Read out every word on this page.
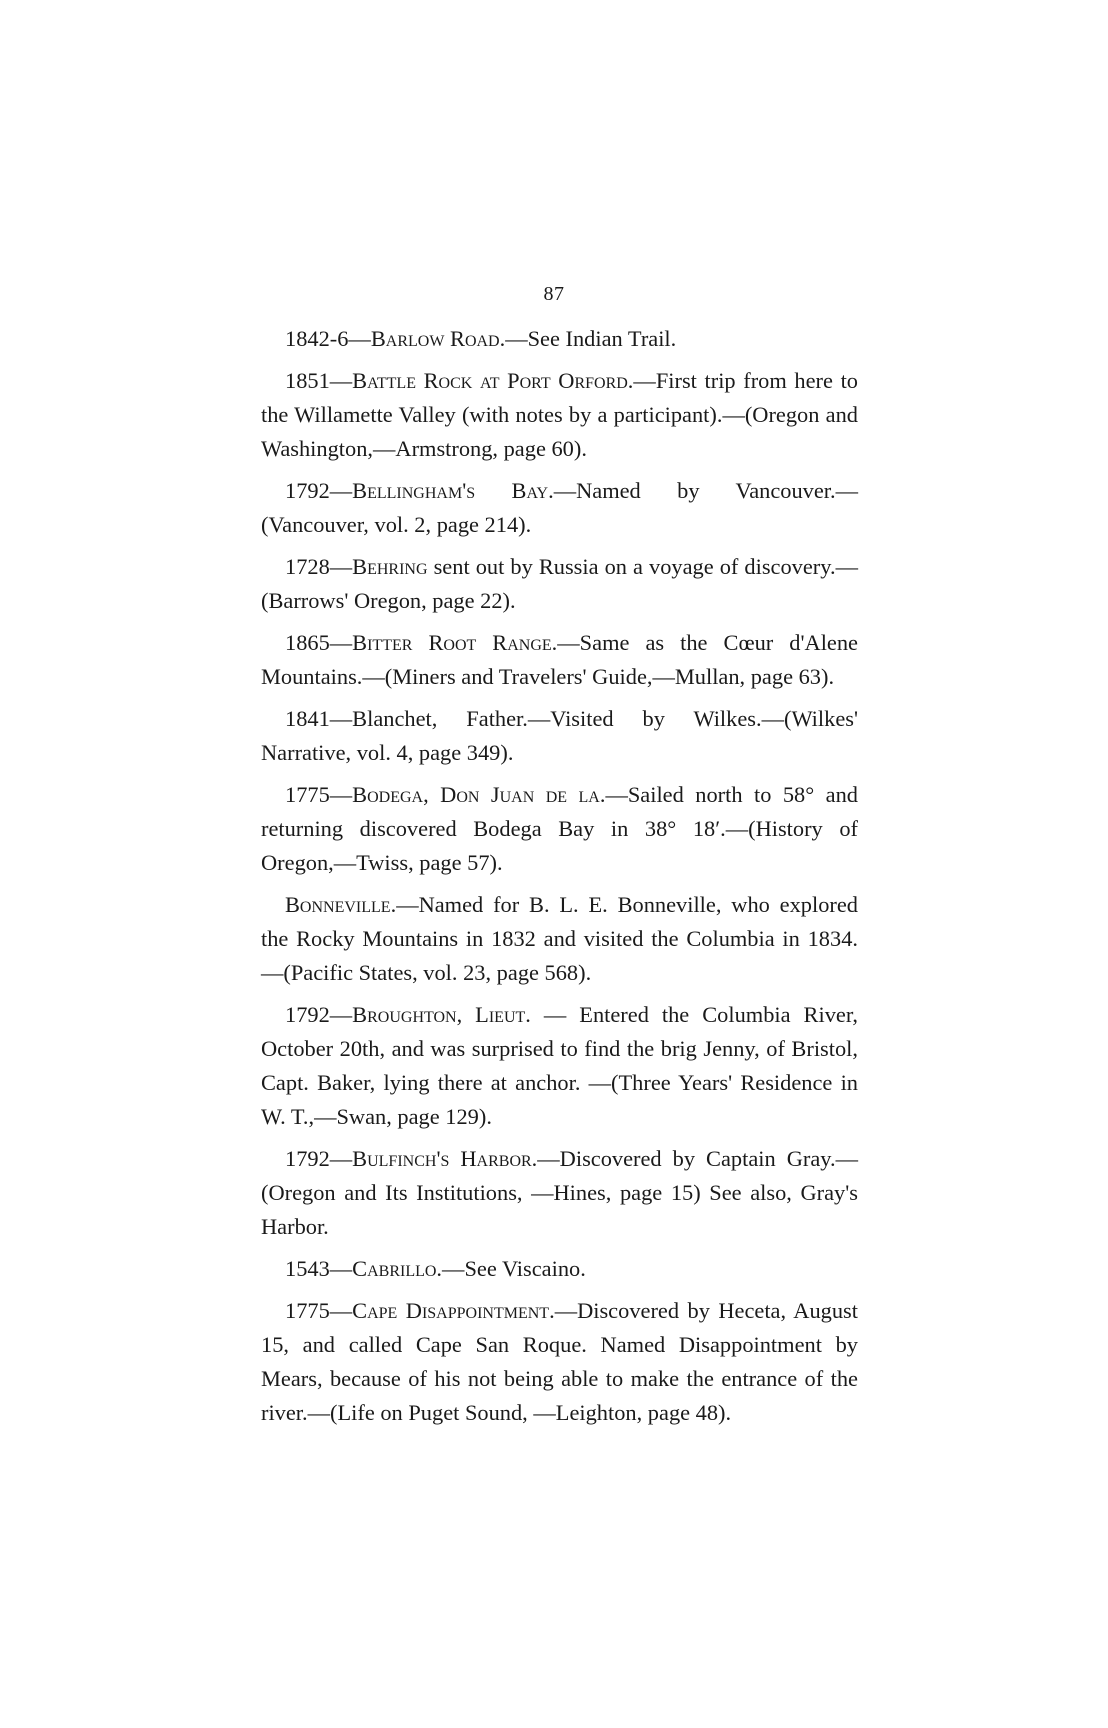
87

1842-6—Barlow Road.—See Indian Trail.

1851—Battle Rock at Port Orford.—First trip from here to the Willamette Valley (with notes by a participant).—(Oregon and Washington,—Armstrong, page 60).

1792—Bellingham's Bay.—Named by Vancouver.— (Vancouver, vol. 2, page 214).

1728—Behring sent out by Russia on a voyage of discovery.—(Barrows' Oregon, page 22).

1865—Bitter Root Range.—Same as the Cœur d'Alene Mountains.—(Miners and Travelers' Guide,—Mullan, page 63).

1841—Blanchet, Father.—Visited by Wilkes.—(Wilkes' Narrative, vol. 4, page 349).

1775—Bodega, Don Juan de la.—Sailed north to 58° and returning discovered Bodega Bay in 38° 18′.—(History of Oregon,—Twiss, page 57).

Bonneville.—Named for B. L. E. Bonneville, who explored the Rocky Mountains in 1832 and visited the Columbia in 1834.—(Pacific States, vol. 23, page 568).

1792—Broughton, Lieut. — Entered the Columbia River, October 20th, and was surprised to find the brig Jenny, of Bristol, Capt. Baker, lying there at anchor. —(Three Years' Residence in W. T.,—Swan, page 129).

1792—Bulfinch's Harbor.—Discovered by Captain Gray.—(Oregon and Its Institutions, —Hines, page 15) See also, Gray's Harbor.

1543—Cabrillo.—See Viscaino.

1775—Cape Disappointment.—Discovered by Heceta, August 15, and called Cape San Roque. Named Disappointment by Mears, because of his not being able to make the entrance of the river.—(Life on Puget Sound, —Leighton, page 48).
